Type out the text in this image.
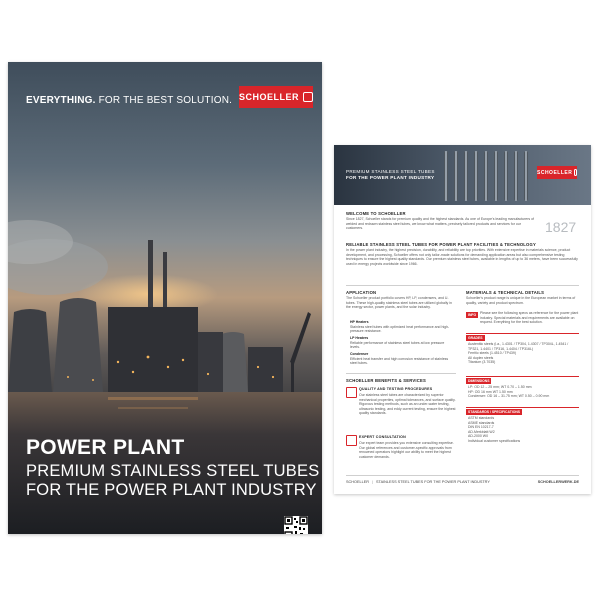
EVERYTHING. FOR THE BEST SOLUTION. SCHOELLER
POWER PLANT
PREMIUM STAINLESS STEEL TUBES
FOR THE POWER PLANT INDUSTRY
PREMIUM STAINLESS STEEL TUBES
FOR THE POWER PLANT INDUSTRY
SCHOELLER
WELCOME TO SCHOELLER
Since 1827, Schoeller stands for premium quality and the highest standards. As one of Europe's leading manufacturers of welded and redrawn stainless steel tubes, we know what matters, precisely tailored products and services for our customers.	1827
RELIABLE STAINLESS STEEL TUBES FOR POWER PLANT FACILITIES & TECHNOLOGY
In the power plant industry, the highest precision, durability, and reliability are top priorities. With extensive expertise in materials science, product development, and processing, Schoeller offers not only tailor-made solutions for demanding application areas but also comprehensive testing techniques to ensure the highest quality standards. Our premium stainless steel tubes, available in lengths of up to 36 meters, have been successfully used in energy projects worldwide since 1966.
APPLICATION
The Schoeller product portfolio covers HP, LP, condensers, and U-tubes. These high-quality stainless steel tubes are utilized globally in the energy sector, power plants, and the solar industry.
HP Heaters
Stainless steel tubes with optimized heat performance and high-pressure resistance.
LP Heaters
Reliable performance of stainless steel tubes at low pressure levels.
Condenser
Efficient heat transfer and high corrosion resistance of stainless steel tubes.
SCHOELLER BENEFITS & SERVICES
QUALITY AND TESTING PROCEDURES
Our stainless steel tubes are characterized by superior mechanical properties, optimal tolerances, and surface quality. Rigorous testing methods, such as an under-water testing, ultrasonic testing, and eddy current testing, ensure the highest quality standards.
EXPERT CONSULTATION
Our expert team provides you extensive consulting expertise. Our global references and customer-specific approvals from renowned operators highlight our ability to meet the highest customer demands.
MATERIALS & TECHNICAL DETAILS
Schoeller's product range is unique in the European market in terms of quality, variety and product spectrum.
INFO	Please see the following specs as reference for the power plant industry. Special materials and requirements are available on request. Everything for the best solution.
GRADES
Austenitic steels (i.a., 1.4301 / TP304, 1.4307 / TP304L, 1.4541 / TP321, 1.4401 / TP316, 1.4404 / TP316L)
Ferritic steels (1.4510 / TP439)
All duplex steels
Titanium (3.7035)
DIMENSIONS
LP: OD 12 – 25 mm; WT 0.70 – 1.50 mm
HP: OD 16 mm WT 1.50 mm
Condenser: OD 16 – 31.75 mm; WT 0.50 – 0.90 mm
STANDARDS / SPECIFICATIONS
ASTM standards
ASME standards
DIN EN 10217-7
AD-Merkblatt W2
AD-2000 W0
Individual customer specifications
SCHOELLER | STAINLESS STEEL TUBES FOR THE POWER PLANT INDUSTRY	SCHOELLERWERK.DE
